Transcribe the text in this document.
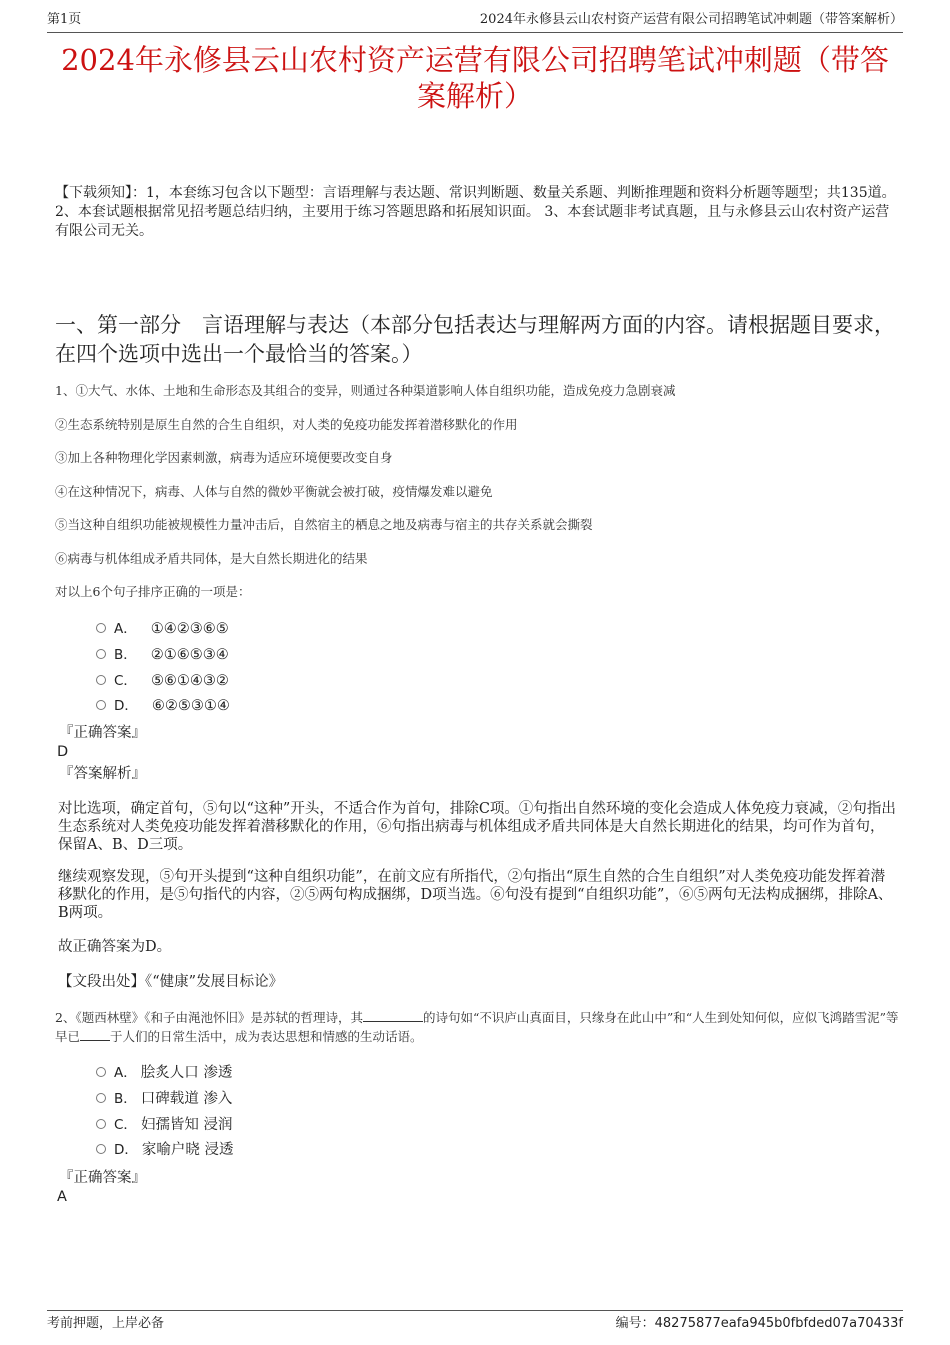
第1页	2024年永修县云山农村资产运营有限公司招聘笔试冲刺题（带答案解析）
2024年永修县云山农村资产运营有限公司招聘笔试冲刺题（带答案解析）
【下载须知】：1，本套练习包含以下题型：言语理解与表达题、常识判断题、数量关系题、判断推理题和资料分析题等题型；共135道。 2、本套试题根据常见招考题总结归纳，主要用于练习答题思路和拓展知识面。 3、本套试题非考试真题，且与永修县云山农村资产运营有限公司无关。
一、第一部分　言语理解与表达（本部分包括表达与理解两方面的内容。请根据题目要求，在四个选项中选出一个最恰当的答案。）
1、①大气、水体、土地和生命形态及其组合的变异，则通过各种渠道影响人体自组织功能，造成免疫力急剧衰减
②生态系统特别是原生自然的合生自组织，对人类的免疫功能发挥着潜移默化的作用
③加上各种物理化学因素刺激，病毒为适应环境便要改变自身
④在这种情况下，病毒、人体与自然的微妙平衡就会被打破，疫情爆发难以避免
⑤当这种自组织功能被规模性力量冲击后，自然宿主的栖息之地及病毒与宿主的共存关系就会撕裂
⑥病毒与机体组成矛盾共同体，是大自然长期进化的结果
对以上6个句子排序正确的一项是：
A． ①④②③⑥⑤
B． ②①⑥⑤③④
C． ⑤⑥①④③②
D． ⑥②⑤③①④
『正确答案』
D
『答案解析』
对比选项，确定首句，⑤句以“这种”开头，不适合作为首句，排除C项。①句指出自然环境的变化会造成人体免疫力衰减，②句指出生态系统对人类免疫功能发挥着潜移默化的作用，⑥句指出病毒与机体组成矛盾共同体是大自然长期进化的结果，均可作为首句，保留A、B、D三项。
继续观察发现，⑤句开头提到“这种自组织功能”，在前文应有所指代，②句指出“原生自然的合生自组织”对人类免疫功能发挥着潜移默化的作用，是⑤句指代的内容，②⑤两句构成捆绑，D项当选。⑥句没有提到“自组织功能”，⑥⑤两句无法构成捆绑，排除A、B两项。
故正确答案为D。
【文段出处】《“健康”发展目标论》
2、《题西林壁》《和子由渑池怀旧》是苏轼的哲理诗，其	的诗句如“不识庐山真面目，只缘身在此山中”和“人生到处知何似，应似飞鸿踏雪泥”等早已 于人们的日常生活中，成为表达思想和情感的生动话语。
A． 脍炙人口 渗透
B． 口碑载道 渗入
C． 妇孺皆知 浸润
D． 家喻户晓 浸透
『正确答案』
A
考前押题，上岸必备	编号：48275877eafa945b0fbfded07a70433f
